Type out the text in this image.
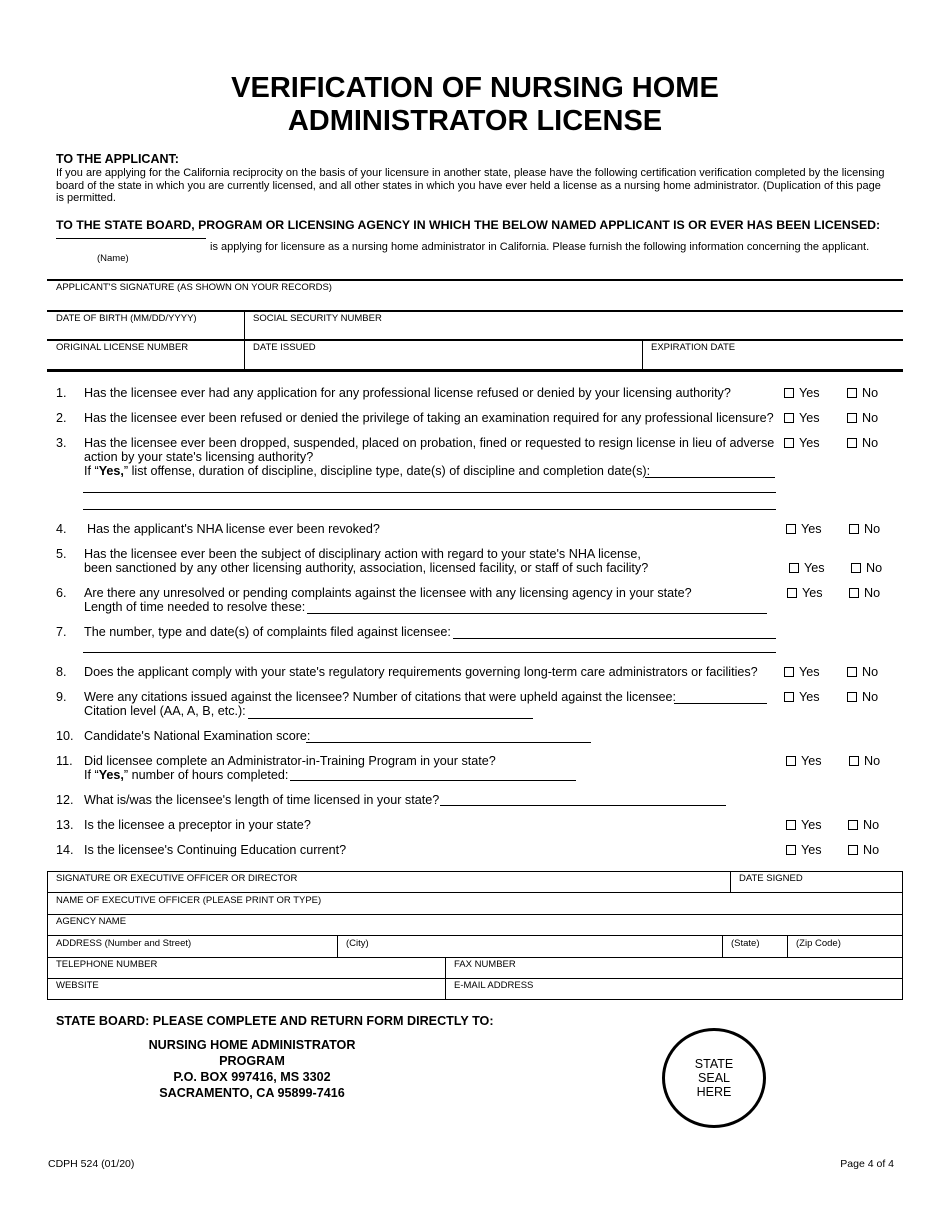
VERIFICATION OF NURSING HOME
ADMINISTRATOR LICENSE
TO THE APPLICANT:
If you are applying for the California reciprocity on the basis of your licensure in another state, please have the following certification verification completed by the licensing board of the state in which you are currently licensed, and all other states in which you have ever held a license as a nursing home administrator. (Duplication of this page is permitted.
TO THE STATE BOARD, PROGRAM OR LICENSING AGENCY IN WHICH THE BELOW NAMED APPLICANT IS OR EVER HAS BEEN LICENSED:
is applying for licensure as a nursing home administrator in California. Please furnish the following information concerning the applicant.
(Name)
APPLICANT'S SIGNATURE (AS SHOWN ON YOUR RECORDS)
DATE OF BIRTH (MM/DD/YYYY)	SOCIAL SECURITY NUMBER
ORIGINAL LICENSE NUMBER	DATE ISSUED	EXPIRATION DATE
1. Has the licensee ever had any application for any professional license refused or denied by your licensing authority?	Yes	No
2. Has the licensee ever been refused or denied the privilege of taking an examination required for any professional licensure? Yes	No
3. Has the licensee ever been dropped, suspended, placed on probation, fined or requested to resign license in lieu of adverse
action by your state's licensing authority?
If “Yes,” list offense, duration of discipline, discipline type, date(s) of discipline and completion date(s):
Yes	No
4. Has the applicant's NHA license ever been revoked?	Yes	No
5. Has the licensee ever been the subject of disciplinary action with regard to your state's NHA license,
been sanctioned by any other licensing authority, association, licensed facility, or staff of such facility?	Yes	No
6. Are there any unresolved or pending complaints against the licensee with any licensing agency in your state?
Length of time needed to resolve these:
Yes	No
7. The number, type and date(s) of complaints filed against licensee:
8. Does the applicant comply with your state's regulatory requirements governing long-term care administrators or facilities?	Yes	No
9. Were any citations issued against the licensee? Number of citations that were upheld against the licensee:
Citation level (AA, A, B, etc.):
Yes	No
10. Candidate's National Examination score:
11. Did licensee complete an Administrator-in-Training Program in your state?
If “Yes,” number of hours completed:
Yes	No
12. What is/was the licensee's length of time licensed in your state?
13. Is the licensee a preceptor in your state?	Yes	No
14. Is the licensee's Continuing Education current?	Yes	No
SIGNATURE OR EXECUTIVE OFFICER OR DIRECTOR	DATE SIGNED
NAME OF EXECUTIVE OFFICER (PLEASE PRINT OR TYPE)
AGENCY NAME
ADDRESS (Number and Street)	(City)	(State)	(Zip Code)
TELEPHONE NUMBER	FAX NUMBER
WEBSITE	E-MAIL ADDRESS
STATE BOARD: PLEASE COMPLETE AND RETURN FORM DIRECTLY TO:
NURSING HOME ADMINISTRATOR PROGRAM
P.O. BOX 997416, MS 3302
SACRAMENTO, CA 95899-7416
STATE
SEAL
HERE
CDPH 524 (01/20)	Page 4 of 4
